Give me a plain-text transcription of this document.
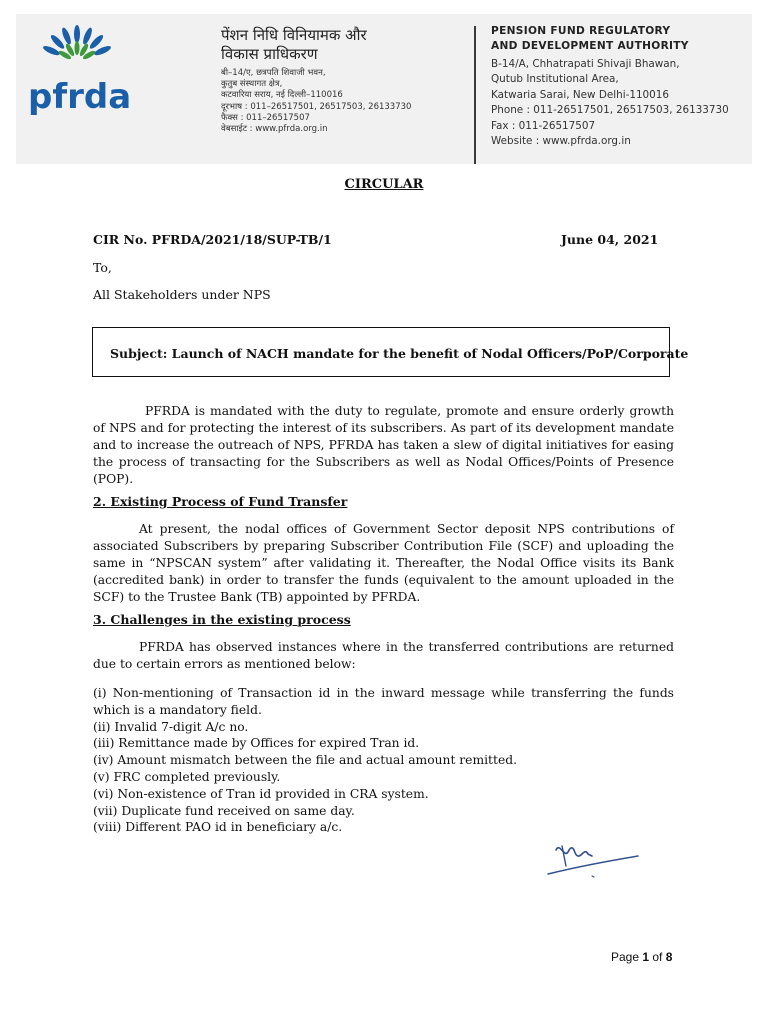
pfrda
पेंशन निधि विनियामक और
विकास प्राधिकरण
बी–14/ए, छत्रपति शिवाजी भवन,
कुतुब संस्थागत क्षेत्र,
कटवारिया सराय, नई दिल्ली–110016
दूरभाष : 011–26517501, 26517503, 26133730
फैक्स : 011–26517507
वेबसाईट : www.pfrda.org.in
PENSION FUND REGULATORY
AND DEVELOPMENT AUTHORITY
B-14/A, Chhatrapati Shivaji Bhawan,
Qutub Institutional Area,
Katwaria Sarai, New Delhi-110016
Phone : 011-26517501, 26517503, 26133730
Fax : 011-26517507
Website : www.pfrda.org.in
CIRCULAR
CIR No. PFRDA/2021/18/SUP-TB/1	June 04, 2021
To,
All Stakeholders under NPS
Subject: Launch of NACH mandate for the benefit of Nodal Officers/PoP/Corporate

PFRDA is mandated with the duty to regulate, promote and ensure orderly growth of NPS and for protecting the interest of its subscribers. As part of its development mandate and to increase the outreach of NPS, PFRDA has taken a slew of digital initiatives for easing the process of transacting for the Subscribers as well as Nodal Offices/Points of Presence (POP).

2. Existing Process of Fund Transfer

At present, the nodal offices of Government Sector deposit NPS contributions of associated Subscribers by preparing Subscriber Contribution File (SCF) and uploading the same in “NPSCAN system” after validating it. Thereafter, the Nodal Office visits its Bank (accredited bank) in order to transfer the funds (equivalent to the amount uploaded in the SCF) to the Trustee Bank (TB) appointed by PFRDA.

3. Challenges in the existing process

PFRDA has observed instances where in the transferred contributions are returned due to certain errors as mentioned below:

(i) Non-mentioning of Transaction id in the inward message while transferring the funds which is a mandatory field.
(ii) Invalid 7-digit A/c no.
(iii) Remittance made by Offices for expired Tran id.
(iv) Amount mismatch between the file and actual amount remitted.
(v) FRC completed previously.
(vi) Non-existence of Tran id provided in CRA system.
(vii) Duplicate fund received on same day.
(viii) Different PAO id in beneficiary a/c.
Page 1 of 8
